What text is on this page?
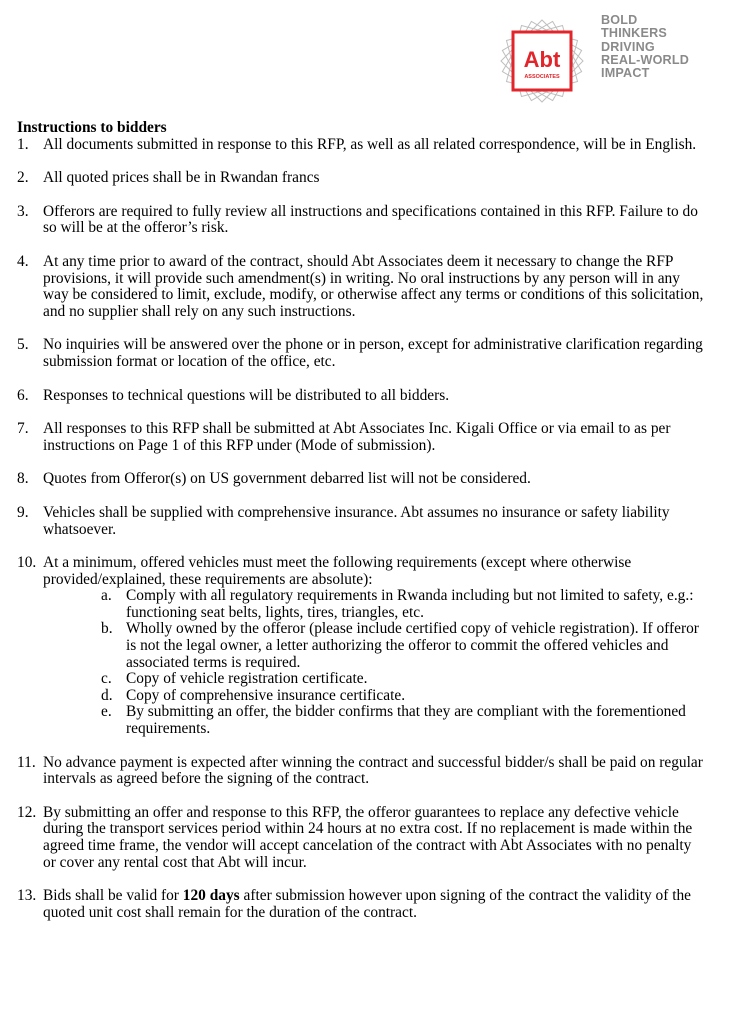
Abt
ASSOCIATES
BOLD
THINKERS
DRIVING
REAL-WORLD
IMPACT
Instructions to bidders
1. All documents submitted in response to this RFP, as well as all related correspondence, will be in English.
2. All quoted prices shall be in Rwandan francs
3. Offerors are required to fully review all instructions and specifications contained in this RFP. Failure to do so will be at the offeror’s risk.
4. At any time prior to award of the contract, should Abt Associates deem it necessary to change the RFP provisions, it will provide such amendment(s) in writing. No oral instructions by any person will in any way be considered to limit, exclude, modify, or otherwise affect any terms or conditions of this solicitation, and no supplier shall rely on any such instructions.
5. No inquiries will be answered over the phone or in person, except for administrative clarification regarding submission format or location of the office, etc.
6. Responses to technical questions will be distributed to all bidders.
7. All responses to this RFP shall be submitted at Abt Associates Inc. Kigali Office or via email to as per instructions on Page 1 of this RFP under (Mode of submission).
8. Quotes from Offeror(s) on US government debarred list will not be considered.
9. Vehicles shall be supplied with comprehensive insurance. Abt assumes no insurance or safety liability whatsoever.
10. At a minimum, offered vehicles must meet the following requirements (except where otherwise provided/explained, these requirements are absolute):
a. Comply with all regulatory requirements in Rwanda including but not limited to safety, e.g.: functioning seat belts, lights, tires, triangles, etc.
b. Wholly owned by the offeror (please include certified copy of vehicle registration). If offeror is not the legal owner, a letter authorizing the offeror to commit the offered vehicles and associated terms is required.
c. Copy of vehicle registration certificate.
d. Copy of comprehensive insurance certificate.
e. By submitting an offer, the bidder confirms that they are compliant with the forementioned requirements.
11. No advance payment is expected after winning the contract and successful bidder/s shall be paid on regular intervals as agreed before the signing of the contract.
12. By submitting an offer and response to this RFP, the offeror guarantees to replace any defective vehicle during the transport services period within 24 hours at no extra cost. If no replacement is made within the agreed time frame, the vendor will accept cancelation of the contract with Abt Associates with no penalty or cover any rental cost that Abt will incur.
13. Bids shall be valid for 120 days after submission however upon signing of the contract the validity of the quoted unit cost shall remain for the duration of the contract.
